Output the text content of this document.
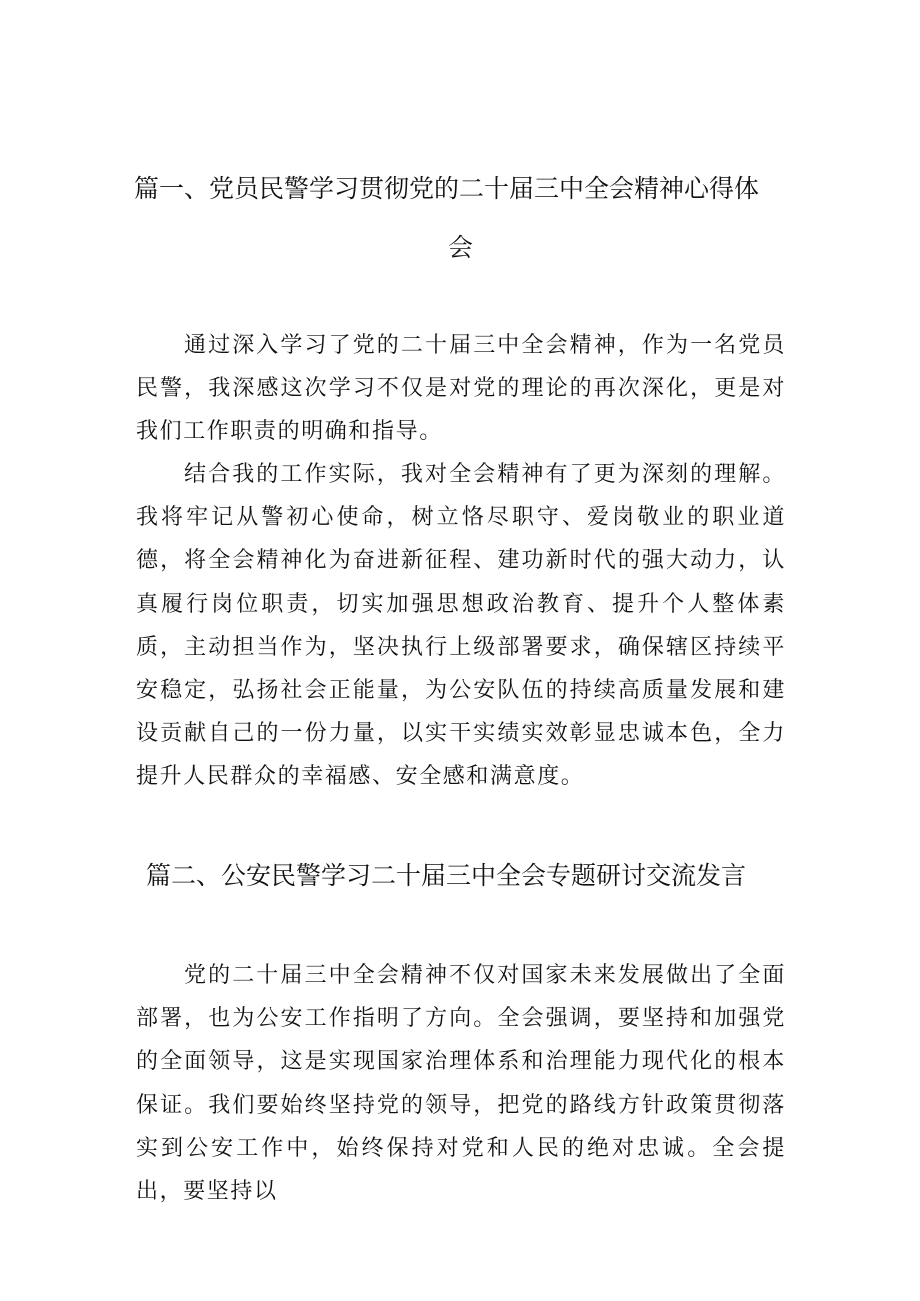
篇一、党员民警学习贯彻党的二十届三中全会精神心得体
会

通过深入学习了党的二十届三中全会精神，作为一名党员民警，我深感这次学习不仅是对党的理论的再次深化，更是对我们工作职责的明确和指导。

结合我的工作实际，我对全会精神有了更为深刻的理解。我将牢记从警初心使命，树立恪尽职守、爱岗敬业的职业道德，将全会精神化为奋进新征程、建功新时代的强大动力，认真履行岗位职责，切实加强思想政治教育、提升个人整体素质，主动担当作为，坚决执行上级部署要求，确保辖区持续平安稳定，弘扬社会正能量，为公安队伍的持续高质量发展和建设贡献自己的一份力量，以实干实绩实效彰显忠诚本色，全力提升人民群众的幸福感、安全感和满意度。

篇二、公安民警学习二十届三中全会专题研讨交流发言

党的二十届三中全会精神不仅对国家未来发展做出了全面部署，也为公安工作指明了方向。全会强调，要坚持和加强党的全面领导，这是实现国家治理体系和治理能力现代化的根本保证。我们要始终坚持党的领导，把党的路线方针政策贯彻落实到公安工作中，始终保持对党和人民的绝对忠诚。全会提出，要坚持以
